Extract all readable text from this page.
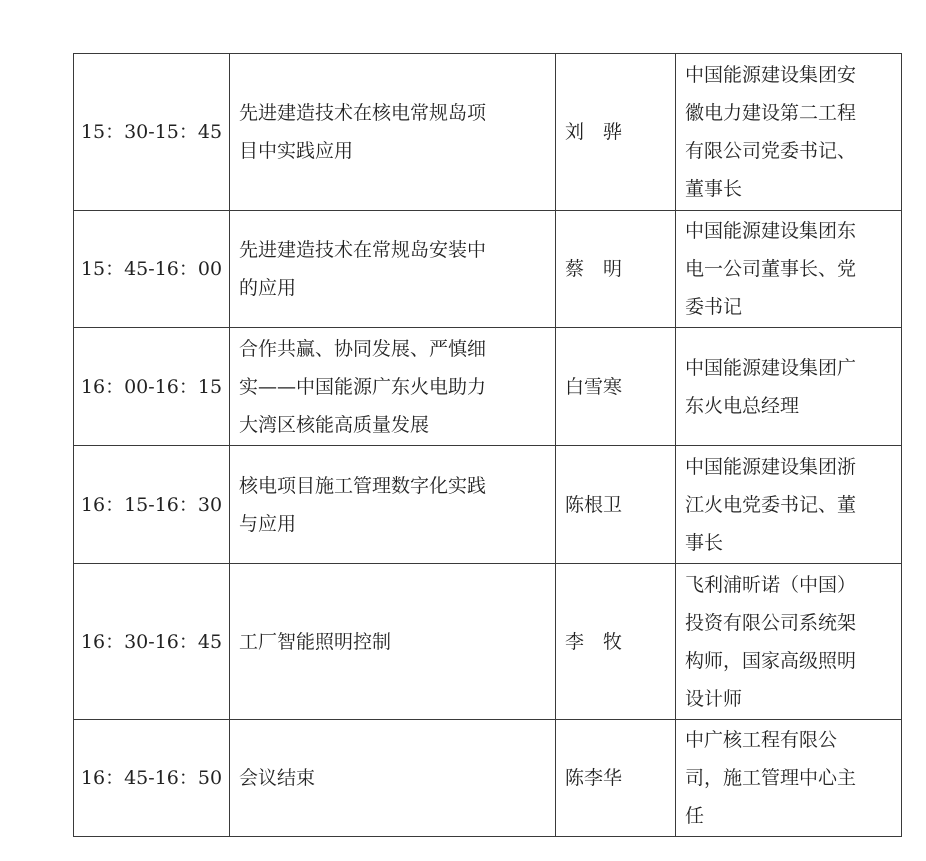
15：30-15：45	先进建造技术在核电常规岛项
目中实践应用	刘　骅	中国能源建设集团安
徽电力建设第二工程
有限公司党委书记、
董事长

15：45-16：00	先进建造技术在常规岛安装中
的应用	蔡　明	中国能源建设集团东
电一公司董事长、党
委书记

16：00-16：15	合作共赢、协同发展、严慎细
实——中国能源广东火电助力
大湾区核能高质量发展	白雪寒	中国能源建设集团广
东火电总经理

16：15-16：30	核电项目施工管理数字化实践
与应用	陈根卫	中国能源建设集团浙
江火电党委书记、董
事长

16：30-16：45	工厂智能照明控制	李　牧	飞利浦昕诺（中国）
投资有限公司系统架
构师，国家高级照明
设计师

16：45-16：50	会议结束	陈李华	中广核工程有限公
司，施工管理中心主
任
